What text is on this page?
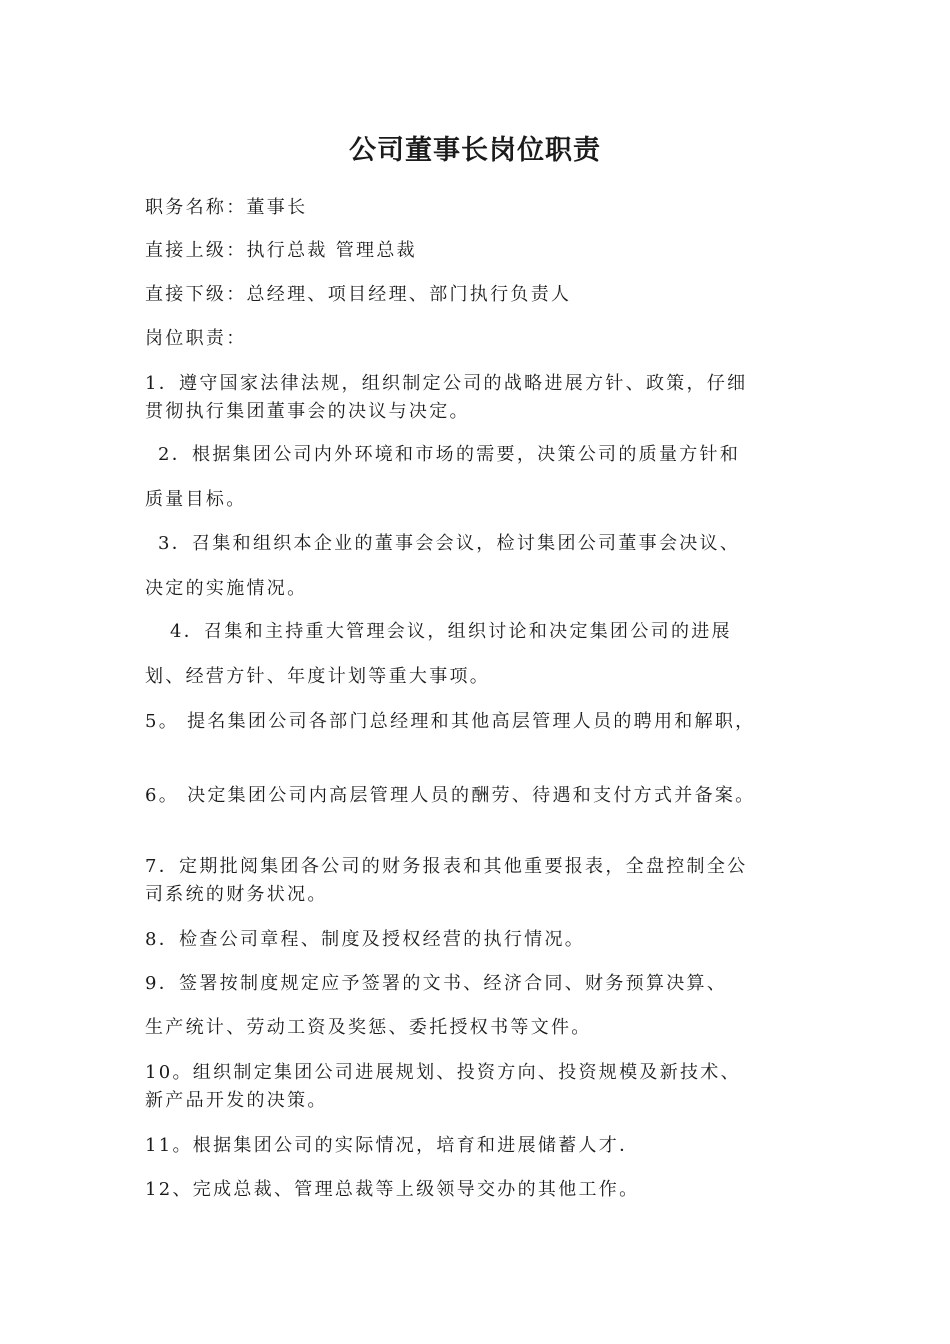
公司董事长岗位职责
职务名称：董事长
直接上级：执行总裁 管理总裁
直接下级：总经理、项目经理、部门执行负责人
岗位职责：
1．遵守国家法律法规，组织制定公司的战略进展方针、政策，仔细
贯彻执行集团董事会的决议与决定。
2．根据集团公司内外环境和市场的需要，决策公司的质量方针和
质量目标。
3．召集和组织本企业的董事会会议，检讨集团公司董事会决议、
决定的实施情况。
4．召集和主持重大管理会议，组织讨论和决定集团公司的进展
划、经营方针、年度计划等重大事项。
5。 提名集团公司各部门总经理和其他高层管理人员的聘用和解职，
6。 决定集团公司内高层管理人员的酬劳、待遇和支付方式并备案。
7．定期批阅集团各公司的财务报表和其他重要报表，全盘控制全公
司系统的财务状况。
8．检查公司章程、制度及授权经营的执行情况。
9．签署按制度规定应予签署的文书、经济合同、财务预算决算、
生产统计、劳动工资及奖惩、委托授权书等文件。
10。组织制定集团公司进展规划、投资方向、投资规模及新技术、
新产品开发的决策。
11。根据集团公司的实际情况，培育和进展储蓄人才．
12、完成总裁、管理总裁等上级领导交办的其他工作。
